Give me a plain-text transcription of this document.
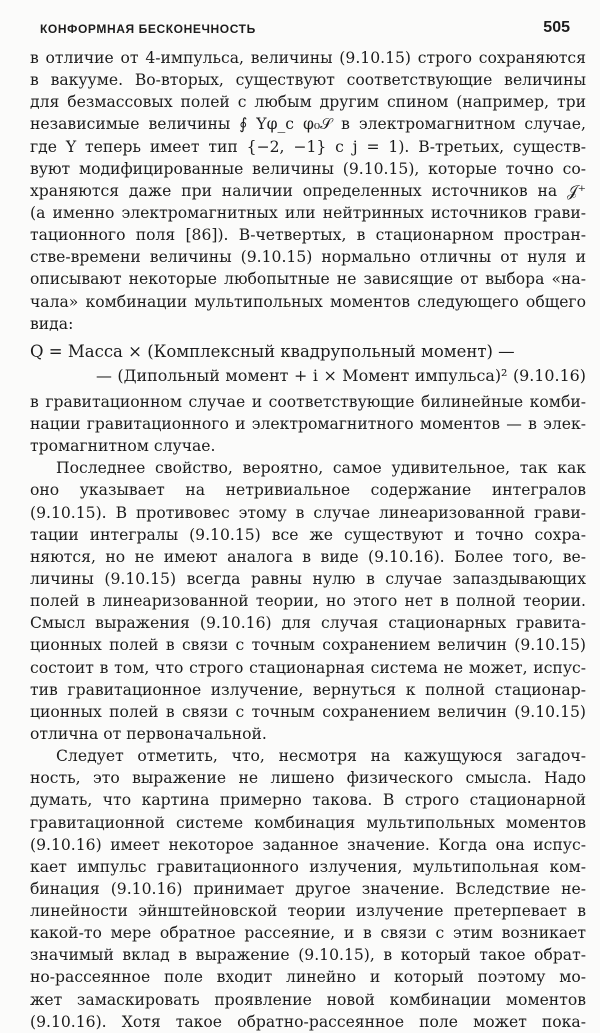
КОНФОРМНАЯ БЕСКОНЕЧНОСТЬ	505
в отличие от 4-импульса, величины (9.10.15) строго сохраняются
в вакууме. Во-вторых, существуют соответствующие величины
для безмассовых полей с любым другим спином (например, три
независимые величины ∮ Yφ_c φ₀𝒮 в электромагнитном случае,
где Y теперь имеет тип {−2, −1} с j = 1). В-третьих, существ-
вуют модифицированные величины (9.10.15), которые точно со-
храняются даже при наличии определенных источников на 𝒥⁺
(а именно электромагнитных или нейтринных источников грави-
тационного поля [86]). В-четвертых, в стационарном простран-
стве-времени величины (9.10.15) нормально отличны от нуля и
описывают некоторые любопытные не зависящие от выбора «на-
чала» комбинации мультипольных моментов следующего общего
вида:
Q = Масса × (Комплексный квадрупольный момент) —
— (Дипольный момент + i × Момент импульса)² (9.10.16)
в гравитационном случае и соответствующие билинейные комби-
нации гравитационного и электромагнитного моментов — в элек-
тромагнитном случае.
Последнее свойство, вероятно, самое удивительное, так как
оно указывает на нетривиальное содержание интегралов
(9.10.15). В противовес этому в случае линеаризованной грави-
тации интегралы (9.10.15) все же существуют и точно сохра-
няются, но не имеют аналога в виде (9.10.16). Более того, ве-
личины (9.10.15) всегда равны нулю в случае запаздывающих
полей в линеаризованной теории, но этого нет в полной теории.
Смысл выражения (9.10.16) для случая стационарных гравита-
ционных полей в связи с точным сохранением величин (9.10.15)
состоит в том, что строго стационарная система не может, испус-
тив гравитационное излучение, вернуться к полной стационар-
ционных полей в связи с точным сохранением величин (9.10.15)
отлична от первоначальной.
Следует отметить, что, несмотря на кажущуюся загадоч-
ность, это выражение не лишено физического смысла. Надо
думать, что картина примерно такова. В строго стационарной
гравитационной системе комбинация мультипольных моментов
(9.10.16) имеет некоторое заданное значение. Когда она испус-
кает импульс гравитационного излучения, мультипольная ком-
бинация (9.10.16) принимает другое значение. Вследствие не-
линейности эйнштейновской теории излучение претерпевает в
какой-то мере обратное рассеяние, и в связи с этим возникает
значимый вклад в выражение (9.10.15), в который такое обрат-
но-рассеянное поле входит линейно и который поэтому мо-
жет замаскировать проявление новой комбинации моментов
(9.10.16). Хотя такое обратно-рассеянное поле может пока-
